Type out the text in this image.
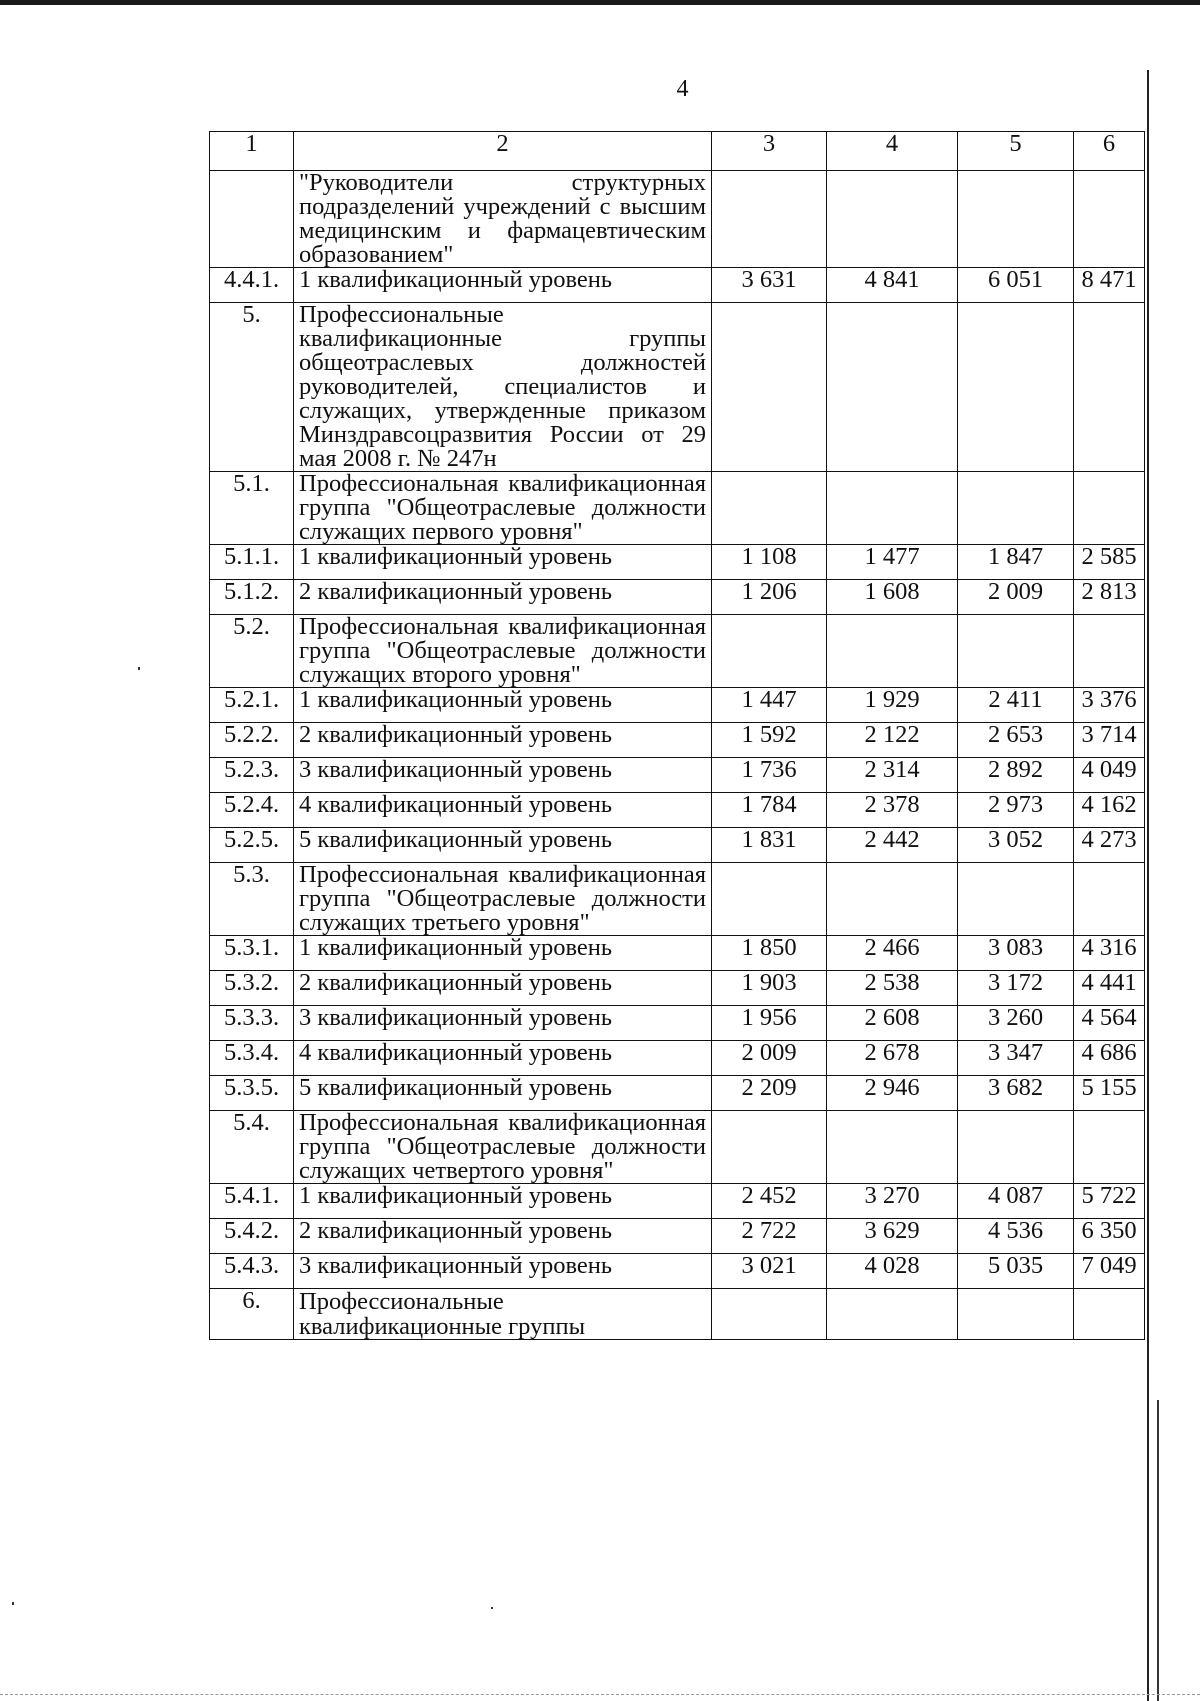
4
1	2	3	4	5	6
	"Руководители структурных подразделений учреждений с высшим медицинским и фармацевтическим образованием"				
4.4.1.	1 квалификационный уровень	3 631	4 841	6 051	8 471
5.	Профессиональные квалификационные группы общеотраслевых должностей руководителей, специалистов и служащих, утвержденные приказом Минздравсоцразвития России от 29 мая 2008 г. № 247н				
5.1.	Профессиональная квалификационная группа "Общеотраслевые должности служащих первого уровня"				
5.1.1.	1 квалификационный уровень	1 108	1 477	1 847	2 585
5.1.2.	2 квалификационный уровень	1 206	1 608	2 009	2 813
5.2.	Профессиональная квалификационная группа "Общеотраслевые должности служащих второго уровня"				
5.2.1.	1 квалификационный уровень	1 447	1 929	2 411	3 376
5.2.2.	2 квалификационный уровень	1 592	2 122	2 653	3 714
5.2.3.	3 квалификационный уровень	1 736	2 314	2 892	4 049
5.2.4.	4 квалификационный уровень	1 784	2 378	2 973	4 162
5.2.5.	5 квалификационный уровень	1 831	2 442	3 052	4 273
5.3.	Профессиональная квалификационная группа "Общеотраслевые должности служащих третьего уровня"				
5.3.1.	1 квалификационный уровень	1 850	2 466	3 083	4 316
5.3.2.	2 квалификационный уровень	1 903	2 538	3 172	4 441
5.3.3.	3 квалификационный уровень	1 956	2 608	3 260	4 564
5.3.4.	4 квалификационный уровень	2 009	2 678	3 347	4 686
5.3.5.	5 квалификационный уровень	2 209	2 946	3 682	5 155
5.4.	Профессиональная квалификационная группа "Общеотраслевые должности служащих четвертого уровня"				
5.4.1.	1 квалификационный уровень	2 452	3 270	4 087	5 722
5.4.2.	2 квалификационный уровень	2 722	3 629	4 536	6 350
5.4.3.	3 квалификационный уровень	3 021	4 028	5 035	7 049
6.	Профессиональные квалификационные группы				
